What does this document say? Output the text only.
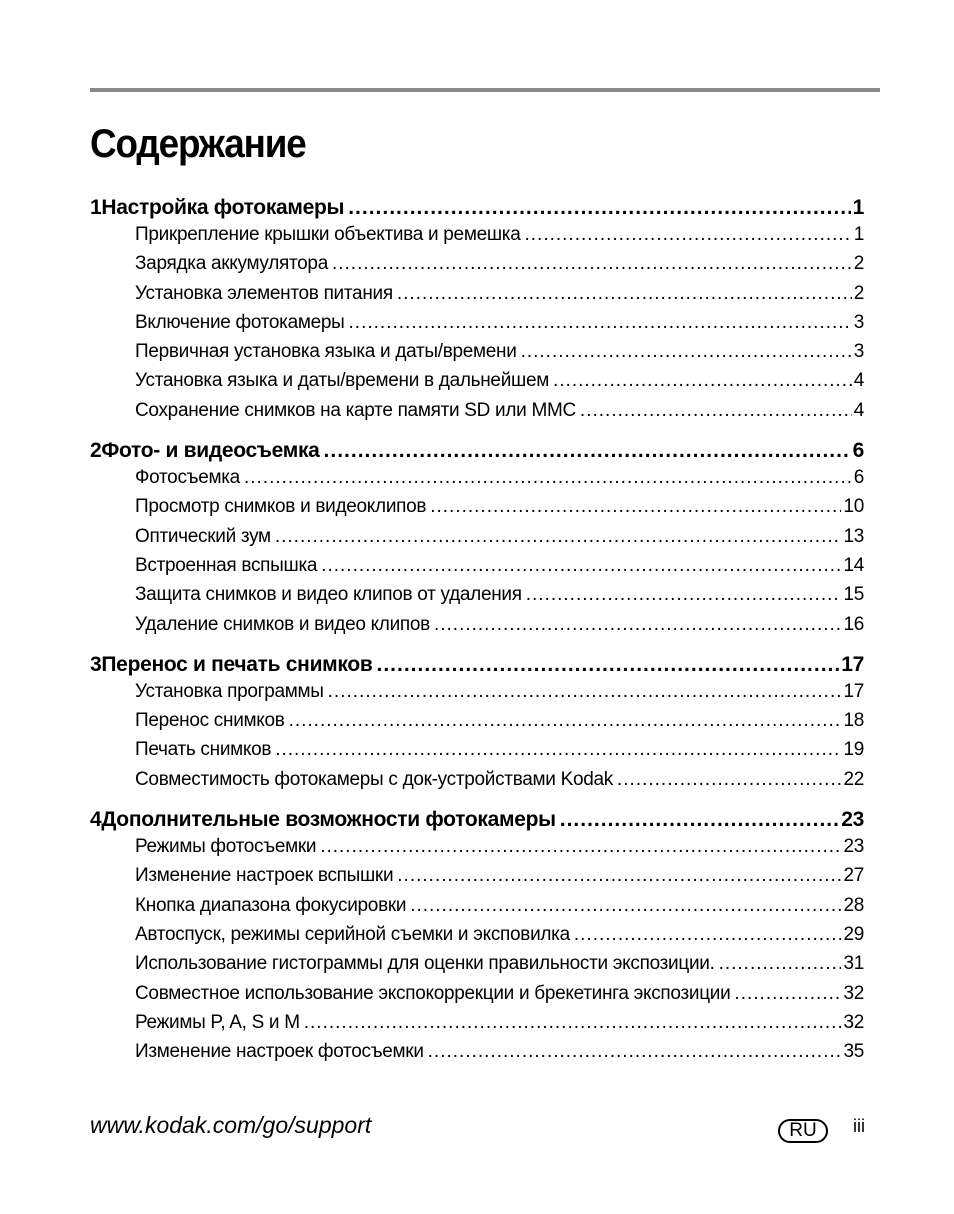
Содержание
1 Настройка фотокамеры .....	1
Прикрепление крышки объектива и ремешка .....	1
Зарядка аккумулятора .....	2
Установка элементов питания .....	2
Включение фотокамеры .....	3
Первичная установка языка и даты/времени .....	3
Установка языка и даты/времени в дальнейшем .....	4
Сохранение снимков на карте памяти SD или MMC .....	4
2 Фото- и видеосъемка .....	6
Фотосъемка .....	6
Просмотр снимков и видеоклипов .....	10
Оптический зум .....	13
Встроенная вспышка .....	14
Защита снимков и видео клипов от удаления .....	15
Удаление снимков и видео клипов .....	16
3 Перенос и печать снимков .....	17
Установка программы .....	17
Перенос снимков .....	18
Печать снимков .....	19
Совместимость фотокамеры с док-устройствами Kodak .....	22
4 Дополнительные возможности фотокамеры .....	23
Режимы фотосъемки .....	23
Изменение настроек вспышки .....	27
Кнопка диапазона фокусировки .....	28
Автоспуск, режимы серийной съемки и эксповилка .....	29
Использование гистограммы для оценки правильности экспозиции. .....	31
Совместное использование экспокоррекции и брекетинга экспозиции .....	32
Режимы P, A, S и M .....	32
Изменение настроек фотосъемки .....	35
www.kodak.com/go/support	RU	iii
